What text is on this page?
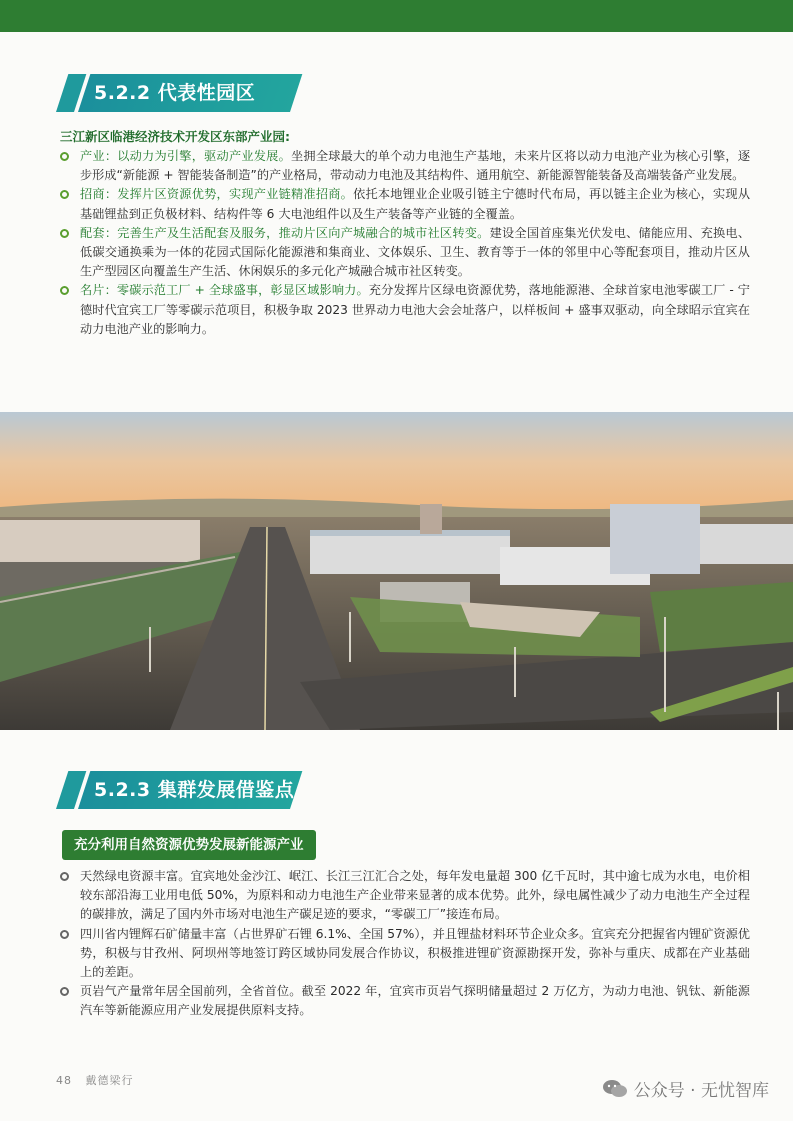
5.2.2 代表性园区
三江新区临港经济技术开发区东部产业园:
产业：以动力为引擎，驱动产业发展。坐拥全球最大的单个动力电池生产基地，未来片区将以动力电池产业为核心引擎，逐步形成“新能源 + 智能装备制造”的产业格局，带动动力电池及其结构件、通用航空、新能源智能装备及高端装备产业发展。
招商：发挥片区资源优势，实现产业链精准招商。依托本地锂业企业吸引链主宁德时代布局，再以链主企业为核心，实现从基础锂盐到正负极材料、结构件等 6 大电池组件以及生产装备等产业链的全覆盖。
配套：完善生产及生活配套及服务，推动片区向产城融合的城市社区转变。建设全国首座集光伏发电、储能应用、充换电、低碳交通换乘为一体的花园式国际化能源港和集商业、文体娱乐、卫生、教育等于一体的邻里中心等配套项目，推动片区从生产型园区向覆盖生产生活、休闲娱乐的多元化产城融合城市社区转变。
名片：零碳示范工厂 + 全球盛事，彰显区域影响力。充分发挥片区绿电资源优势，落地能源港、全球首家电池零碳工厂 - 宁德时代宜宾工厂等零碳示范项目，积极争取 2023 世界动力电池大会会址落户，以样板间 + 盛事双驱动，向全球昭示宜宾在动力电池产业的影响力。
5.2.3 集群发展借鉴点
充分利用自然资源优势发展新能源产业
天然绿电资源丰富。宜宾地处金沙江、岷江、长江三江汇合之处，每年发电量超 300 亿千瓦时，其中逾七成为水电，电价相较东部沿海工业用电低 50%，为原料和动力电池生产企业带来显著的成本优势。此外，绿电属性减少了动力电池生产全过程的碳排放，满足了国内外市场对电池生产碳足迹的要求，“零碳工厂”接连布局。
四川省内锂辉石矿储量丰富（占世界矿石锂 6.1%、全国 57%），并且锂盐材料环节企业众多。宜宾充分把握省内锂矿资源优势，积极与甘孜州、阿坝州等地签订跨区域协同发展合作协议，积极推进锂矿资源勘探开发，弥补与重庆、成都在产业基础上的差距。
页岩气产量常年居全国前列，全省首位。截至 2022 年，宜宾市页岩气探明储量超过 2 万亿方，为动力电池、钒钛、新能源汽车等新能源应用产业发展提供原料支持。
48 戴德梁行
公众号 · 无忧智库
